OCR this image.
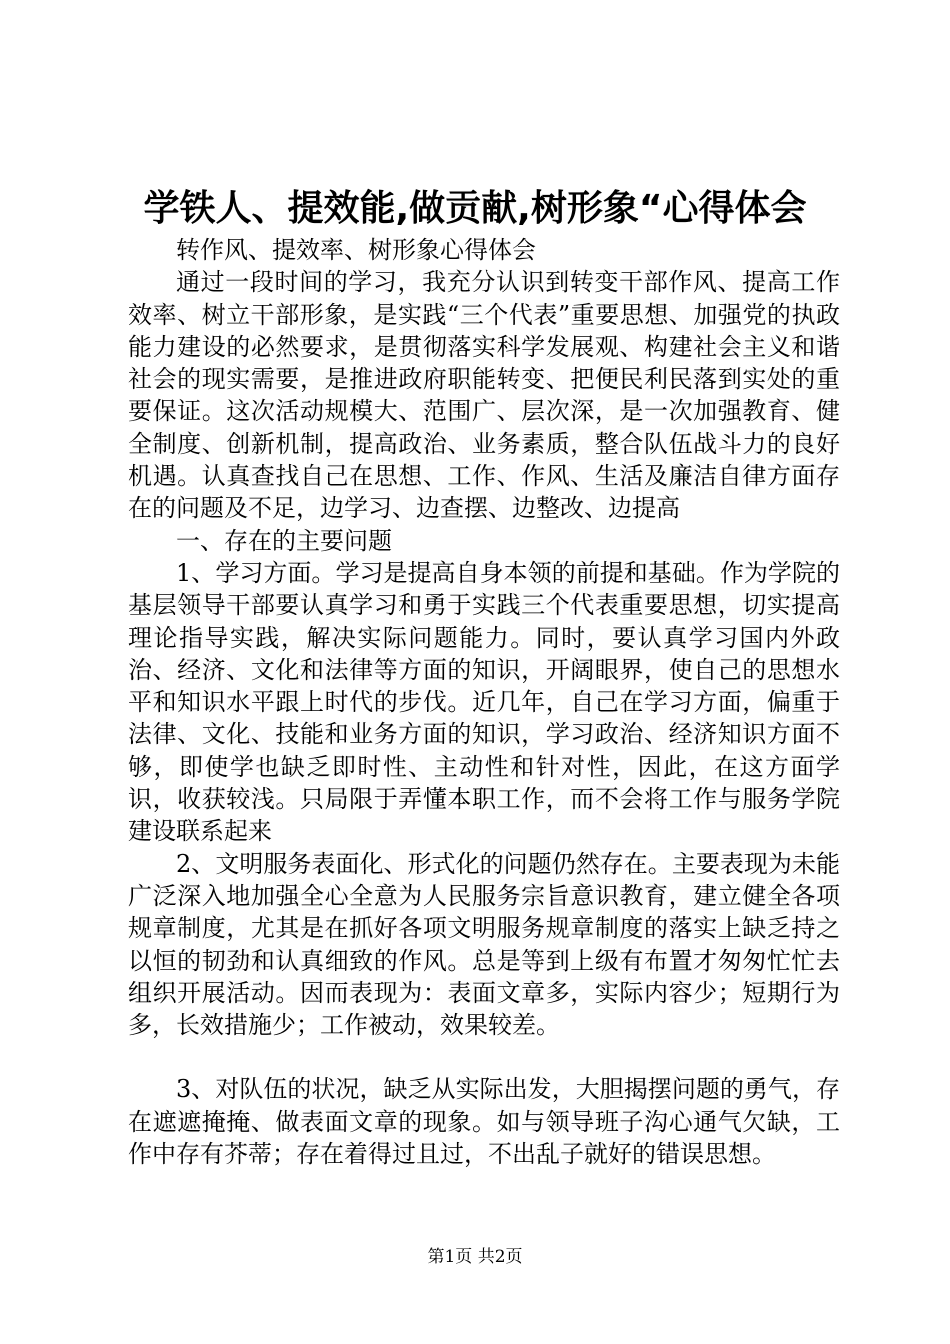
学铁人、提效能,做贡献,树形象“心得体会

转作风、提效率、树形象心得体会

通过一段时间的学习，我充分认识到转变干部作风、提高工作效率、树立干部形象，是实践“三个代表”重要思想、加强党的执政能力建设的必然要求，是贯彻落实科学发展观、构建社会主义和谐社会的现实需要，是推进政府职能转变、把便民利民落到实处的重要保证。这次活动规模大、范围广、层次深，是一次加强教育、健全制度、创新机制，提高政治、业务素质，整合队伍战斗力的良好机遇。认真查找自己在思想、工作、作风、生活及廉洁自律方面存在的问题及不足，边学习、边查摆、边整改、边提高

一、存在的主要问题

1、学习方面。学习是提高自身本领的前提和基础。作为学院的基层领导干部要认真学习和勇于实践三个代表重要思想，切实提高理论指导实践，解决实际问题能力。同时，要认真学习国内外政治、经济、文化和法律等方面的知识，开阔眼界，使自己的思想水平和知识水平跟上时代的步伐。近几年，自己在学习方面，偏重于法律、文化、技能和业务方面的知识，学习政治、经济知识方面不够，即使学也缺乏即时性、主动性和针对性，因此，在这方面学识，收获较浅。只局限于弄懂本职工作，而不会将工作与服务学院建设联系起来

2、文明服务表面化、形式化的问题仍然存在。主要表现为未能广泛深入地加强全心全意为人民服务宗旨意识教育，建立健全各项规章制度，尤其是在抓好各项文明服务规章制度的落实上缺乏持之以恒的韧劲和认真细致的作风。总是等到上级有布置才匆匆忙忙去组织开展活动。因而表现为：表面文章多，实际内容少；短期行为多，长效措施少；工作被动，效果较差。

3、对队伍的状况，缺乏从实际出发，大胆揭摆问题的勇气，存在遮遮掩掩、做表面文章的现象。如与领导班子沟心通气欠缺，工作中存有芥蒂；存在着得过且过，不出乱子就好的错误思想。

第1页 共2页
